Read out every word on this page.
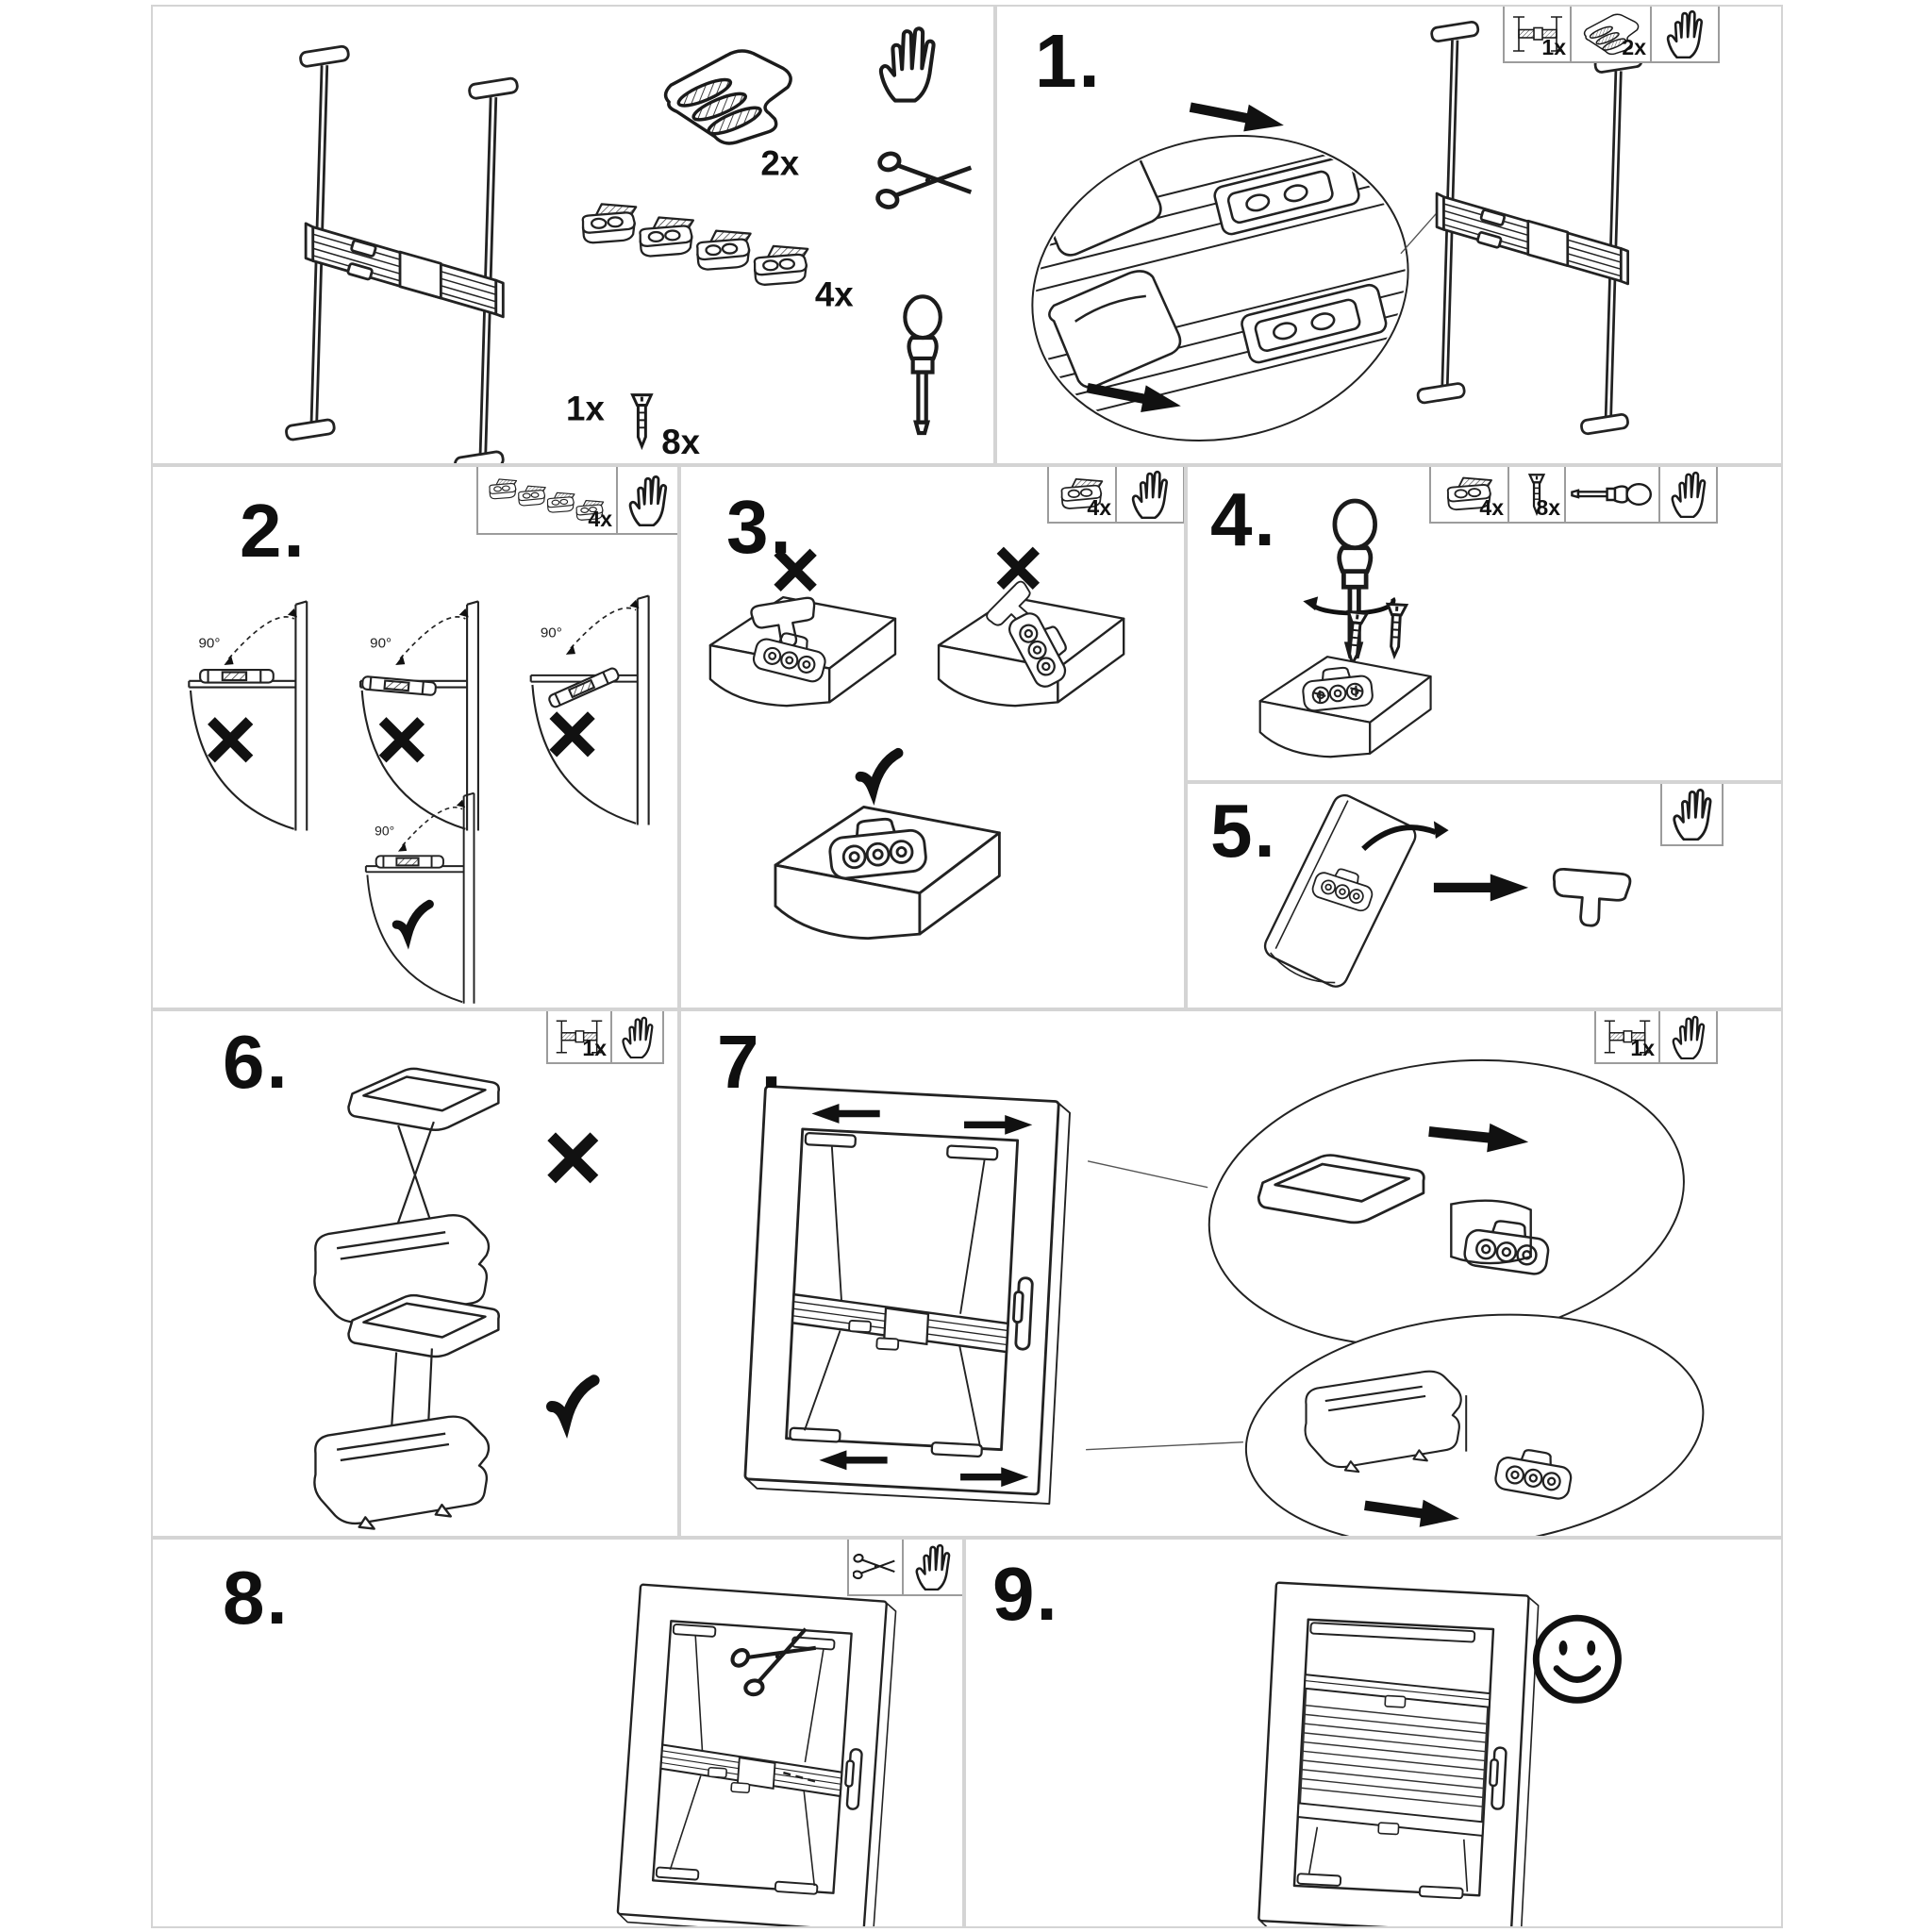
1x
2x
4x
8x
1.	1x	2x
2.	4x
90°	90°
90°
90°
3.	4x 4.	4x 8x
5.
6.	1x 7.	1x
8.	9.
